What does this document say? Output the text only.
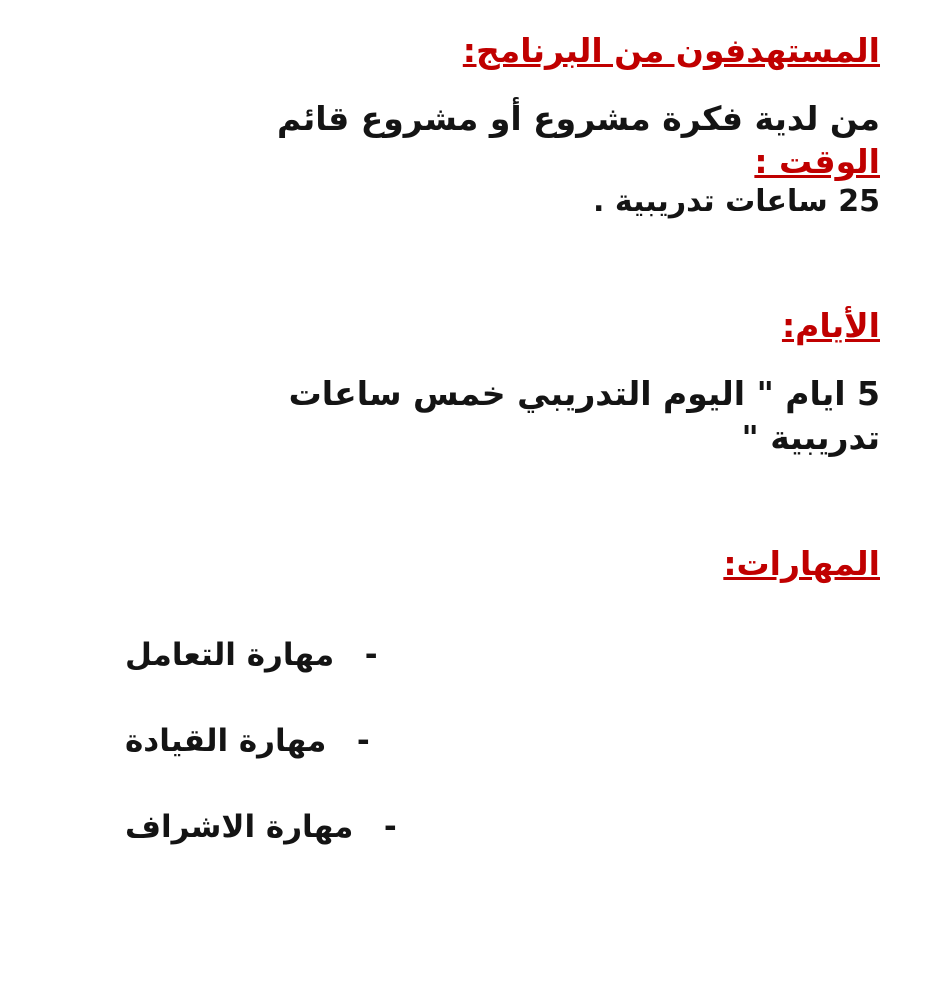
المستهدفون من البرنامج:

من لدية فكرة مشروع أو مشروع قائم

الوقت :

25 ساعات تدريبية .

الأيام:

5 ايام " اليوم التدريبي خمس ساعات

تدريبية "

المهارات:

-
مهارة التعامل
-
مهارة القيادة
-
مهارة الاشراف
